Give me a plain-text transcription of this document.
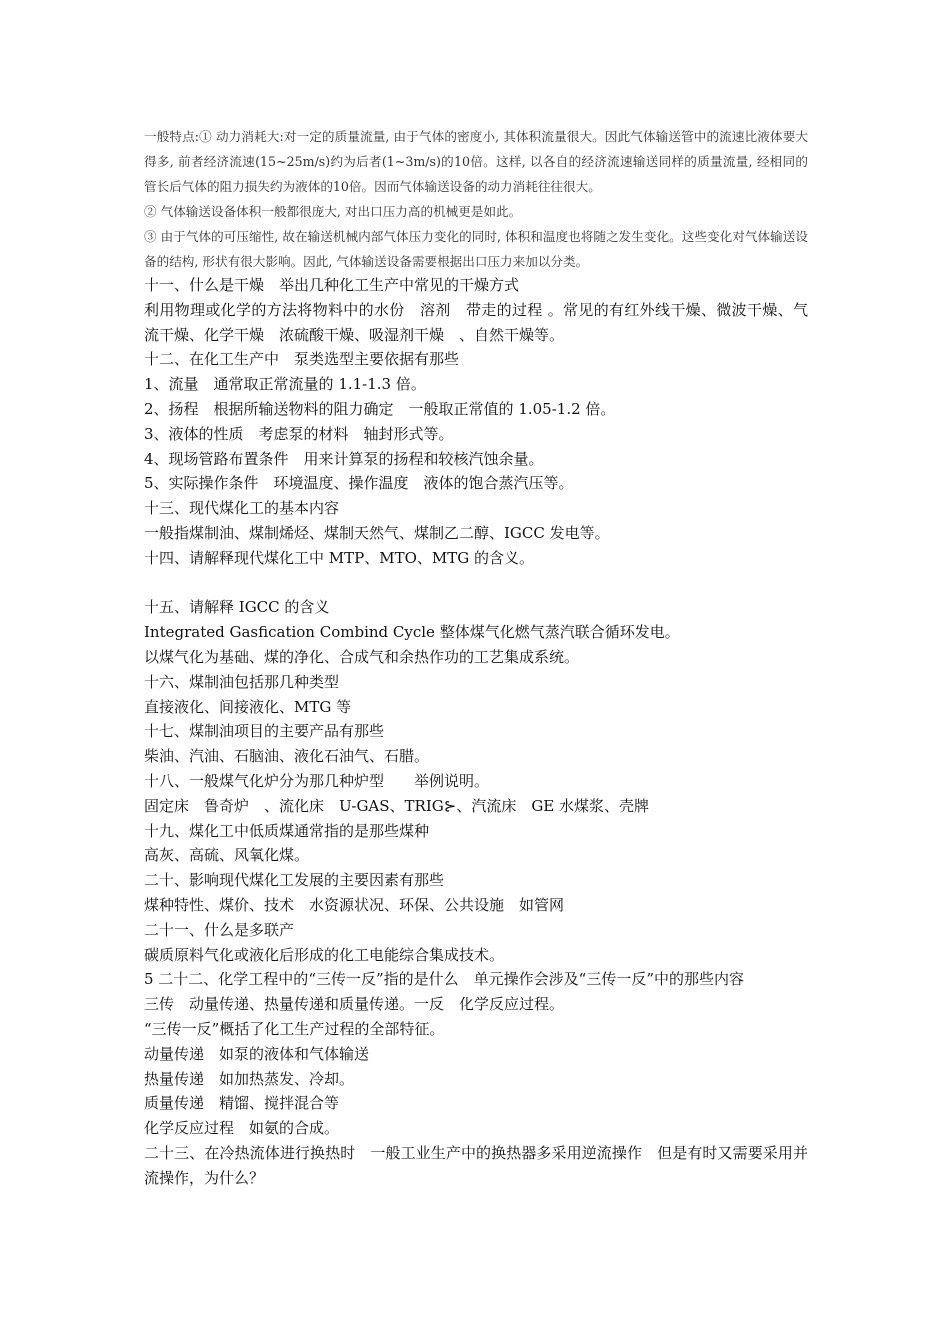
一般特点:① 动力消耗大:对一定的质量流量, 由于气体的密度小, 其体积流量很大。因此气体输送管中的流速比液体要大得多, 前者经济流速(15~25m/s)约为后者(1~3m/s)的10倍。这样, 以各自的经济流速输送同样的质量流量, 经相同的管长后气体的阻力损失约为液体的10倍。因而气体输送设备的动力消耗往往很大。

② 气体输送设备体积一般都很庞大, 对出口压力高的机械更是如此。

③ 由于气体的可压缩性, 故在输送机械内部气体压力变化的同时, 体积和温度也将随之发生变化。这些变化对气体输送设备的结构, 形状有很大影响。因此, 气体输送设备需要根据出口压力来加以分类。

十一、什么是干燥　举出几种化工生产中常见的干燥方式

利用物理或化学的方法将物料中的水份　溶剂　带走的过程 。常见的有红外线干燥、微波干燥、气流干燥、化学干燥　浓硫酸干燥、吸湿剂干燥　、自然干燥等。

十二、在化工生产中　泵类选型主要依据有那些

1、流量　通常取正常流量的 1.1-1.3 倍。

2、扬程　根据所输送物料的阻力确定　一般取正常值的 1.05-1.2 倍。

3、液体的性质　考虑泵的材料　轴封形式等。

4、现场管路布置条件　用来计算泵的扬程和较核汽蚀余量。

5、实际操作条件　环境温度、操作温度　液体的饱合蒸汽压等。

十三、现代煤化工的基本内容

一般指煤制油、煤制烯烃、煤制天然气、煤制乙二醇、IGCC 发电等。

十四、请解释现代煤化工中 MTP、MTO、MTG 的含义。

十五、请解释 IGCC 的含义

Integrated Gasfication Combind Cycle 整体煤气化燃气蒸汽联合循环发电。

以煤气化为基础、煤的净化、合成气和余热作功的工艺集成系统。

十六、煤制油包括那几种类型

直接液化、间接液化、MTG 等

十七、煤制油项目的主要产品有那些

柴油、汽油、石脑油、液化石油气、石腊。

十八、一般煤气化炉分为那几种炉型　　举例说明。

固定床　鲁奇炉　、流化床　U-GAS、TRIG⊱、汽流床　GE 水煤浆、壳牌

十九、煤化工中低质煤通常指的是那些煤种

高灰、高硫、风氧化煤。

二十、影响现代煤化工发展的主要因素有那些

煤种特性、煤价、技术　水资源状况、环保、公共设施　如管网

二十一、什么是多联产

碳质原料气化或液化后形成的化工电能综合集成技术。

5 二十二、化学工程中的“三传一反”指的是什么　单元操作会涉及“三传一反”中的那些内容

三传　动量传递、热量传递和质量传递。一反　化学反应过程。

“三传一反”概括了化工生产过程的全部特征。

动量传递　如泵的液体和气体输送

热量传递　如加热蒸发、冷却。

质量传递　精馏、搅拌混合等

化学反应过程　如氨的合成。

二十三、在冷热流体进行换热时　一般工业生产中的换热器多采用逆流操作　但是有时又需要采用并流操作，为什么？
